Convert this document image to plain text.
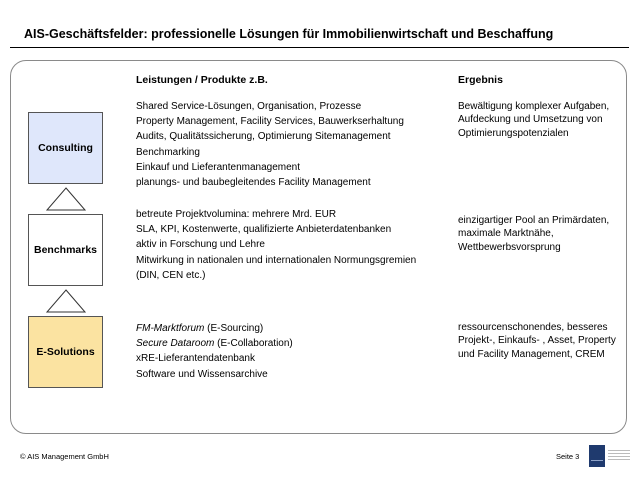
AIS-Geschäftsfelder: professionelle Lösungen für Immobilienwirtschaft und Beschaffung
Leistungen / Produkte z.B.	Ergebnis
Consulting
Shared Service-Lösungen, Organisation, Prozesse
Property Management, Facility Services, Bauwerkserhaltung
Audits, Qualitätssicherung, Optimierung Sitemanagement
Benchmarking
Einkauf und Lieferantenmanagement
planungs- und baubegleitendes Facility Management
Bewältigung komplexer Aufgaben,
Aufdeckung und Umsetzung von
Optimierungspotenzialen
Benchmarks
betreute Projektvolumina: mehrere Mrd. EUR
SLA, KPI, Kostenwerte, qualifizierte Anbieterdatenbanken
aktiv in Forschung und Lehre
Mitwirkung in nationalen und internationalen Normungsgremien
(DIN, CEN etc.)
einzigartiger Pool an Primärdaten,
maximale Marktnähe,
Wettbewerbsvorsprung
E-Solutions
FM-Marktforum (E-Sourcing)
Secure Dataroom (E-Collaboration)
xRE-Lieferantendatenbank
Software und Wissensarchive
ressourcenschonendes, besseres
Projekt-, Einkaufs- , Asset, Property
und Facility Management, CREM
© AIS Management GmbH	Seite 3
